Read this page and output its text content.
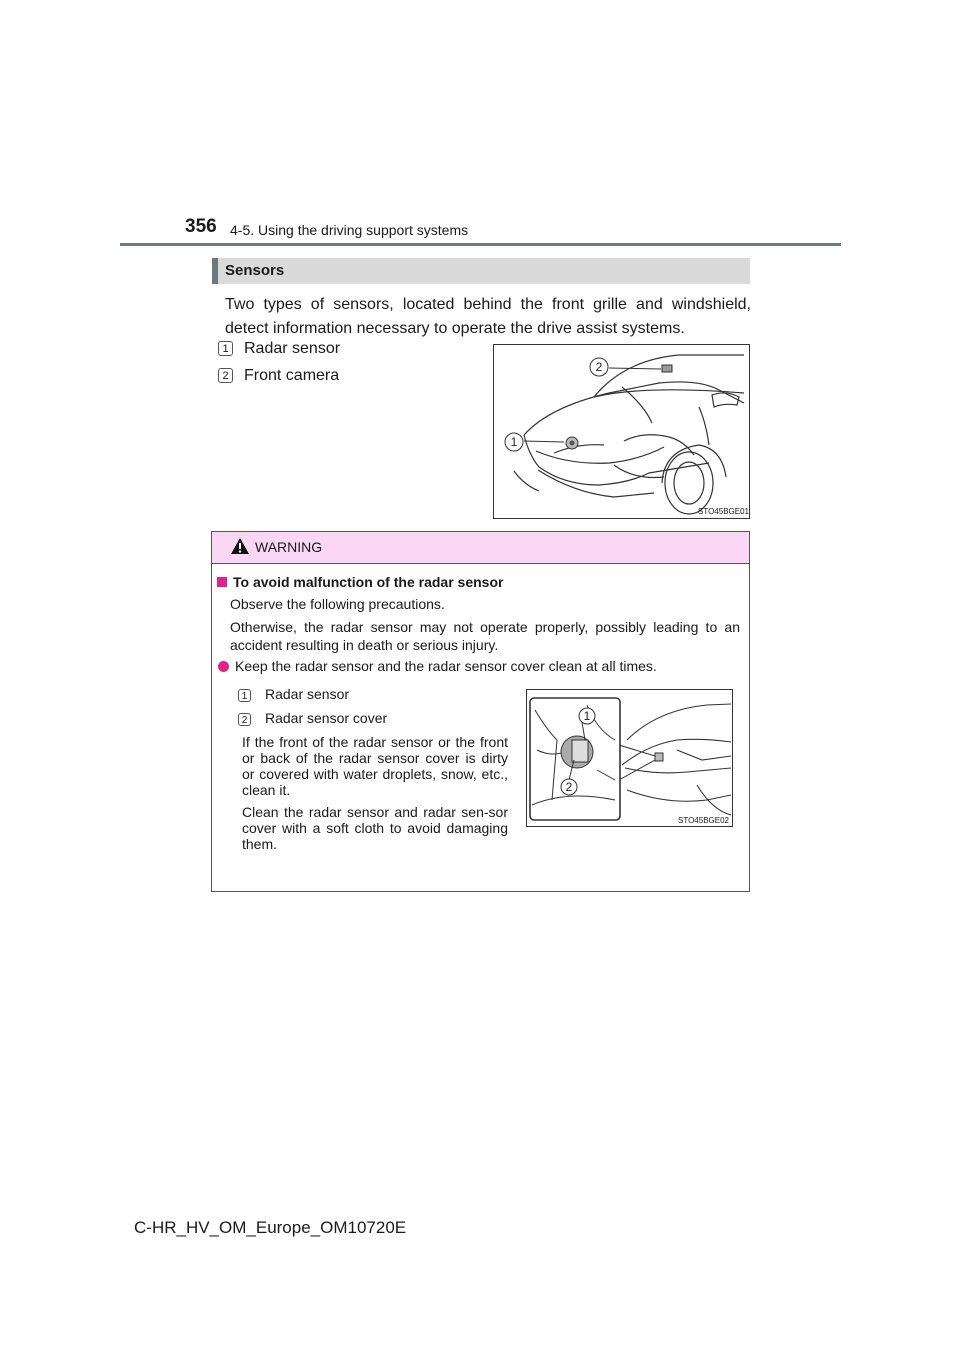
356 4-5. Using the driving support systems
Sensors
Two types of sensors, located behind the front grille and windshield, detect information necessary to operate the drive assist systems.
1 Radar sensor
2 Front camera
1
2
STO45BGE01
WARNING
To avoid malfunction of the radar sensor
Observe the following precautions.
Otherwise, the radar sensor may not operate properly, possibly leading to an accident resulting in death or serious injury.
Keep the radar sensor and the radar sensor cover clean at all times.
1 Radar sensor
2 Radar sensor cover
If the front of the radar sensor or the front or back of the radar sensor cover is dirty or covered with water droplets, snow, etc., clean it.
Clean the radar sensor and radar sen-sor cover with a soft cloth to avoid damaging them.
1
2
STO45BGE02
C-HR_HV_OM_Europe_OM10720E
